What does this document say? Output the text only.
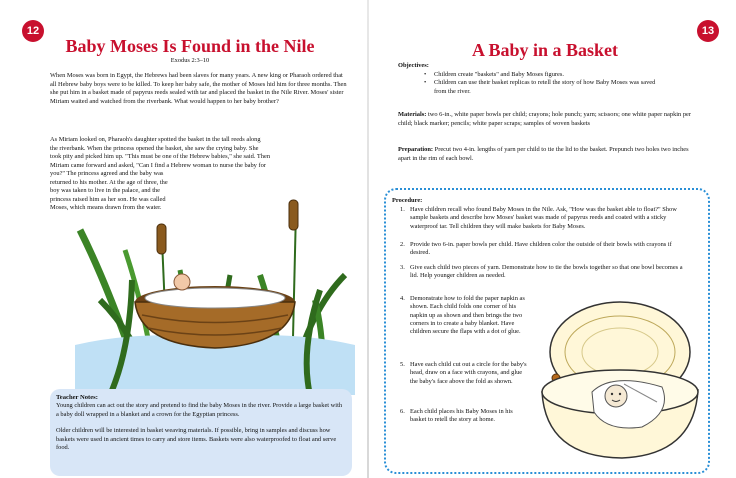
12
Baby Moses Is Found in the Nile
Exodus 2:3–10
When Moses was born in Egypt, the Hebrews had been slaves for many years. A new king or Pharaoh ordered that all Hebrew baby boys were to be killed. To keep her baby safe, the mother of Moses hid him for three months. Then she put him in a basket made of papyrus reeds sealed with tar and placed the basket in the Nile River. Moses' sister Miriam waited and watched from the riverbank. What would happen to her baby brother?
As Miriam looked on, Pharaoh's daughter spotted the basket in the tall reeds along
the riverbank. When the princess opened the basket, she saw the crying baby. She
took pity and picked him up. "This must be one of the Hebrew babies," she said. Then
Miriam came forward and asked, "Can I find a Hebrew woman to nurse the baby for
you?" The princess agreed and the baby was
returned to his mother. At the age of three, the
boy was taken to live in the palace, and the
princess raised him as her son. He was called
Moses, which means drawn from the water.
Teacher Notes:
Young children can act out the story and pretend to find the baby Moses in the river. Provide a large basket with a baby doll wrapped in a blanket and a crown for the Egyptian princess.
Older children will be interested in basket weaving materials. If possible, bring in samples and discuss how baskets were used in ancient times to carry and store items. Baskets were also waterproofed to float and serve food.
13
A Baby in a Basket
Objectives:
• Children create "baskets" and Baby Moses figures.
• Children can use their basket replicas to retell the story of how Baby Moses was saved from the river.
Materials: two 6-in., white paper bowls per child; crayons; hole punch; yarn; scissors; one white paper napkin per child; black marker; pencils; white paper scraps; samples of woven baskets
Preparation: Precut two 4-in. lengths of yarn per child to tie the lid to the basket. Prepunch two holes two inches apart in the rim of each bowl.
Procedure:
1. Have children recall who found Baby Moses in the Nile. Ask, "How was the basket able to float?" Show sample baskets and describe how Moses' basket was made of papyrus reeds and coated with a sticky waterproof tar. Tell children they will make baskets for Baby Moses.
2. Provide two 6-in. paper bowls per child. Have children color the outside of their bowls with crayons if desired.
3. Give each child two pieces of yarn. Demonstrate how to tie the bowls together so that one bowl becomes a lid. Help younger children as needed.
4. Demonstrate how to fold the paper napkin as shown. Each child folds one corner of his napkin up as shown and then brings the two corners in to create a baby blanket. Have children secure the flaps with a dot of glue.
5. Have each child cut out a circle for the baby's head, draw on a face with crayons, and glue the baby's face above the fold as shown.
6. Each child places his Baby Moses in his basket to retell the story at home.
